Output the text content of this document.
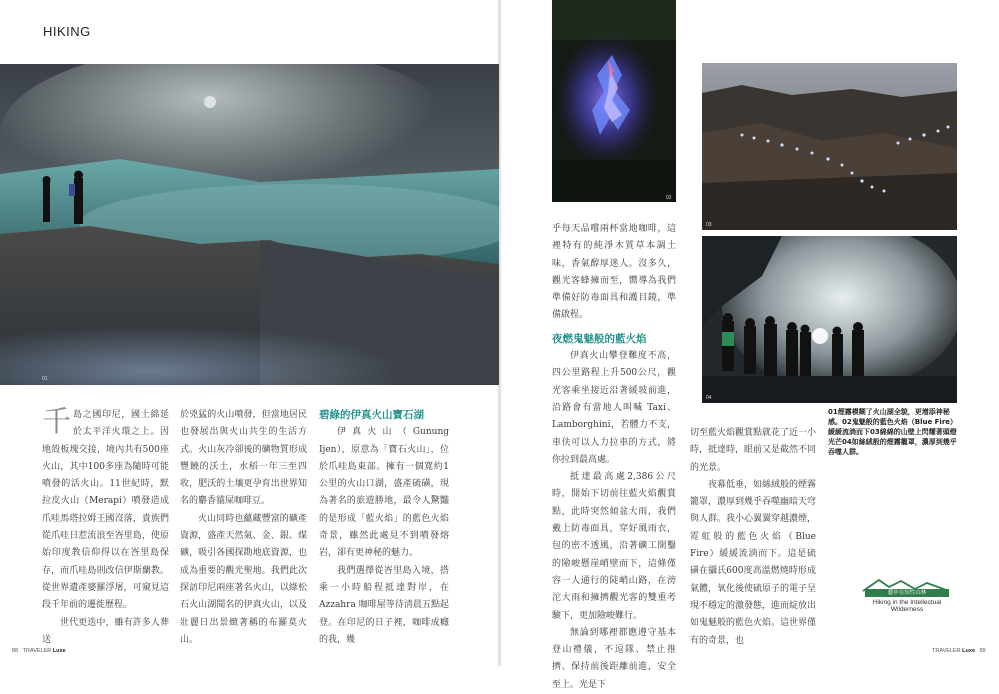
HIKING
01

千島之國印尼，國土綿延於太平洋火環之上。因地殼板塊交接，境內共有500座火山，其中100多座為隨時可能噴發的活火山。11世紀時，默拉皮火山（Merapi）噴發造成爪哇馬塔拉姆王國沒落，貴族們從爪哇日惹流浪至峇里島，使原始印度教信仰得以在峇里島保存，而爪哇島則改信伊斯蘭教。從世界遺產婆羅浮屠，可窺見這段千年前的遷徙歷程。

世代更迭中，雖有許多人葬送

於兇猛的火山噴發，但當地居民也發展出與火山共生的生活方式。火山灰冷卻後的礦物質形成豐饒的沃土，水稻一年三至四收，肥沃的土壤更孕育出世界知名的麝香貓屎咖啡豆。

火山同時也蘊藏豐富的礦產資源，盛產天然氣、金、銀、煤礦，吸引各國探勘地底資源，也成為重要的觀光聖地。我們此次探訪印尼兩座著名火山，以綠松石火山湖聞名的伊真火山，以及壯麗日出景緻著稱的布羅莫火山。

碧綠的伊真火山寶石湖

伊真火山（Gunung Ijen），原意為「寶石火山」，位於爪哇島東部。擁有一個寬約1公里的火山口湖，盛產硫磺，現為著名的旅遊勝地，最令人驚豔的是形成「藍火焰」的藍色火焰奇景，雖然此處見不到噴發熔岩，卻有更神秘的魅力。

我們選擇從峇里島入境，搭乘一小時船程抵達對岸，在 Azzahra 咖啡屋等待清晨五點起登。在印尼的日子裡，咖啡成癮的我，幾

88 TRAVELER Luxe
02
03
04

乎每天品嚐兩杯當地咖啡，這裡特有的純淨木質草本調土味，香氣醇厚迷人。沒多久，觀光客蜂擁而至，嚮導為我們準備好防毒面具和護目鏡，準備啟程。

夜燃鬼魅般的藍火焰

伊真火山攀登難度不高，四公里路程上升500公尺，觀光客乘坐接近沿著緩坡前進，沿路會有當地人叫喊 Taxi、Lamborghini，若體力不支，車伕可以人力拉車的方式，將你拉到最高處。

抵達最高處2,386公尺時，開始下切前往藍火焰觀賞點，此時突然傾盆大雨，我們戴上防毒面具，穿好風雨衣，包的密不透風，沿著礦工開鑿的險峻懸崖峭壁而下，這條僅容一人通行的陡峭山路，在滂沱大雨和擁擠觀光客的雙重考驗下，更加險峻難行。

無論到哪裡都應遵守基本登山禮儀，不逗隊、禁止推擠、保持前後距離前進，安全至上。光是下

切至藍火焰觀賞點就花了近一小時，抵達時，眼前又是截然不同的光景。

夜幕低垂，如絲絨般的煙霧籠罩，濃厚到幾乎吞噬幽暗天穹與人群。我小心翼翼穿越濃煙，霓虹般的藍色火焰（Blue Fire）緩緩流淌而下。這是硫磺在攝氏600度高溫燃燒時形成氣體，氧化後使硫原子的電子呈現不穩定的激發態，進而綻放出如鬼魅般的藍色火焰。這世界僅有的奇景，也

01煙霧模糊了火山湖全貌，更增添神秘感。02鬼魅般的藍色火焰（Blue Fire）緩緩流淌而下03綿綿的山壁上閃耀著頭燈光芒04如絲絨般的煙霧籠罩，濃厚到幾乎吞噬人群。
藝步在知性山林
Hiking in the Intellectual
Wilderness
TRAVELER Luxe 89
